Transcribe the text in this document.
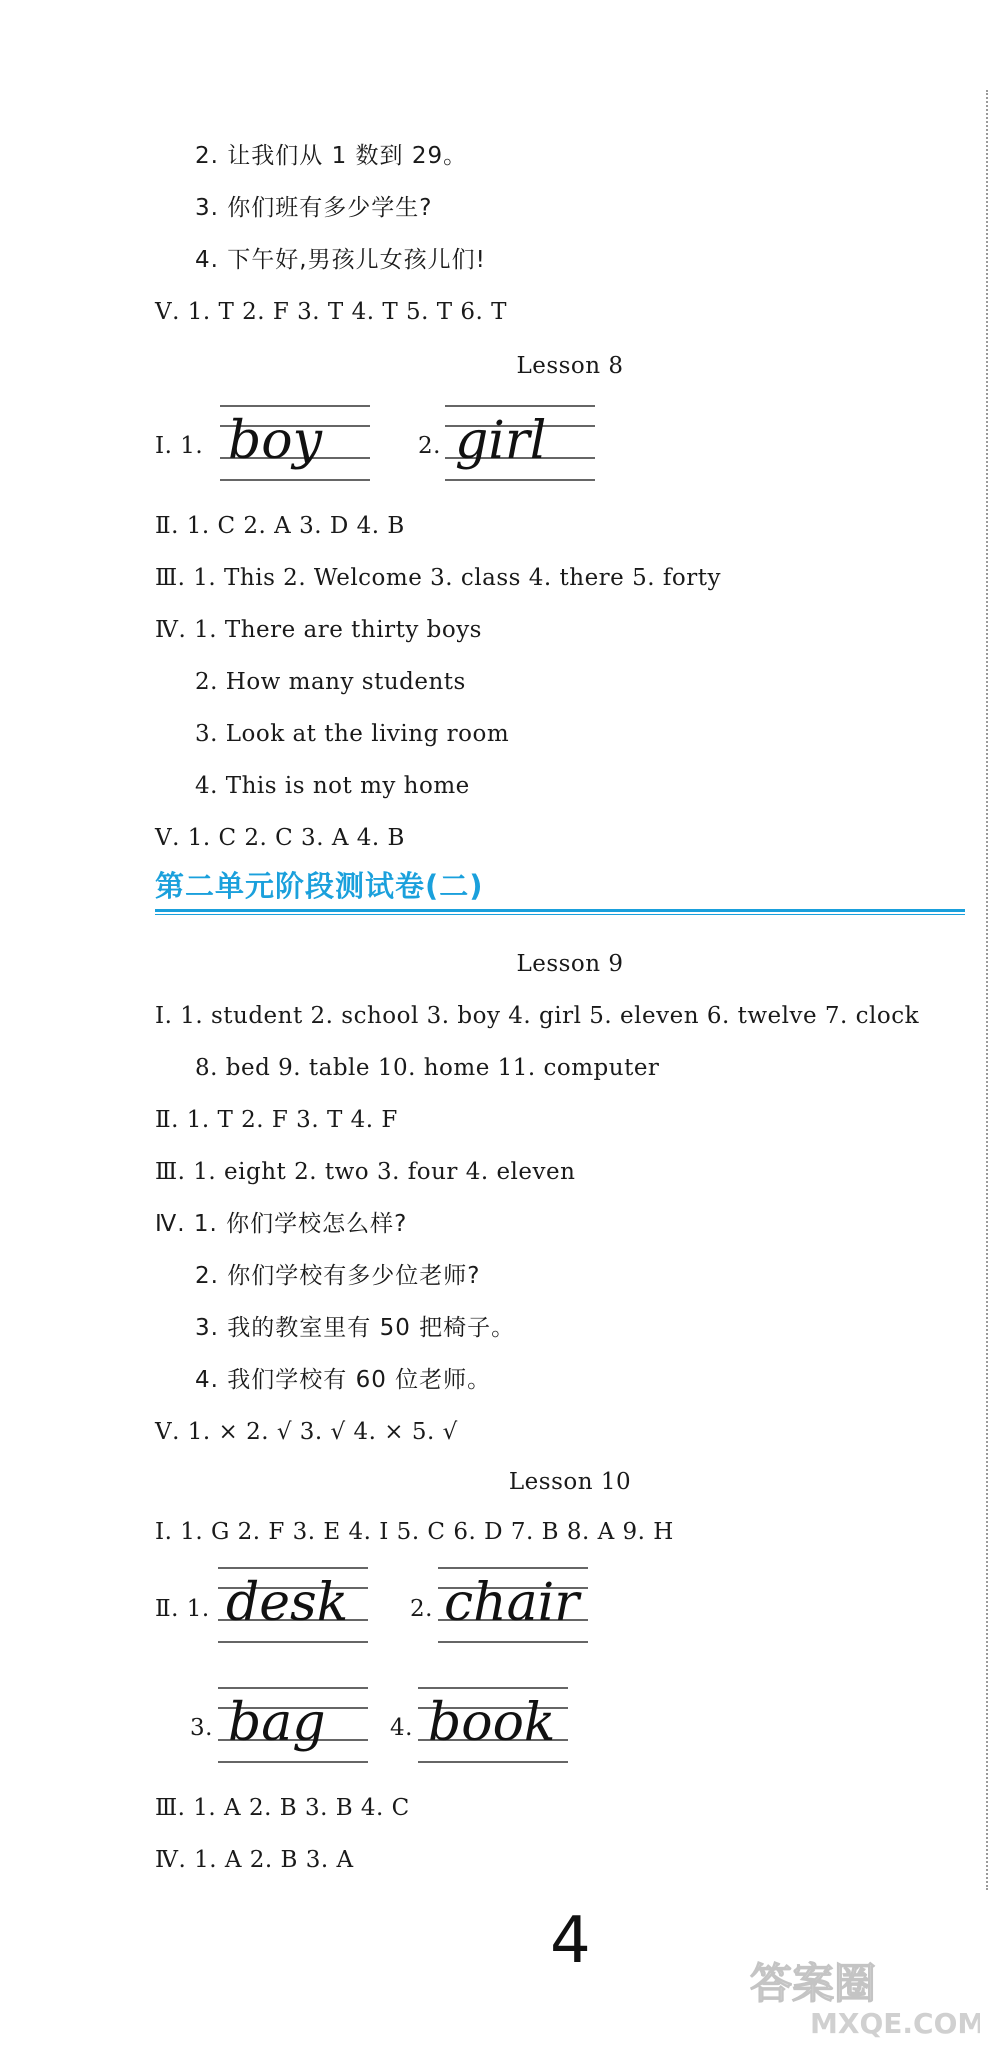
2. 让我们从 1 数到 29。
3. 你们班有多少学生?
4. 下午好,男孩儿女孩儿们!
Ⅴ. 1. T 2. F 3. T 4. T 5. T 6. T
Lesson 8
Ⅰ. 1. boy	2. girl
Ⅱ. 1. C 2. A 3. D 4. B
Ⅲ. 1. This 2. Welcome 3. class 4. there 5. forty
Ⅳ. 1. There are thirty boys
2. How many students
3. Look at the living room
4. This is not my home
Ⅴ. 1. C 2. C 3. A 4. B
第二单元阶段测试卷(二)
Lesson 9
Ⅰ. 1. student 2. school 3. boy 4. girl 5. eleven 6. twelve 7. clock
8. bed 9. table 10. home 11. computer
Ⅱ. 1. T 2. F 3. T 4. F
Ⅲ. 1. eight 2. two 3. four 4. eleven
Ⅳ. 1. 你们学校怎么样?
2. 你们学校有多少位老师?
3. 我的教室里有 50 把椅子。
4. 我们学校有 60 位老师。
Ⅴ. 1. × 2. √ 3. √ 4. × 5. √
Lesson 10
Ⅰ. 1. G 2. F 3. E 4. I 5. C 6. D 7. B 8. A 9. H
Ⅱ. 1. desk	2. chair
3. bag	4. book
Ⅲ. 1. A 2. B 3. B 4. C
Ⅳ. 1. A 2. B 3. A
4
答案圈
MXQE.COM
